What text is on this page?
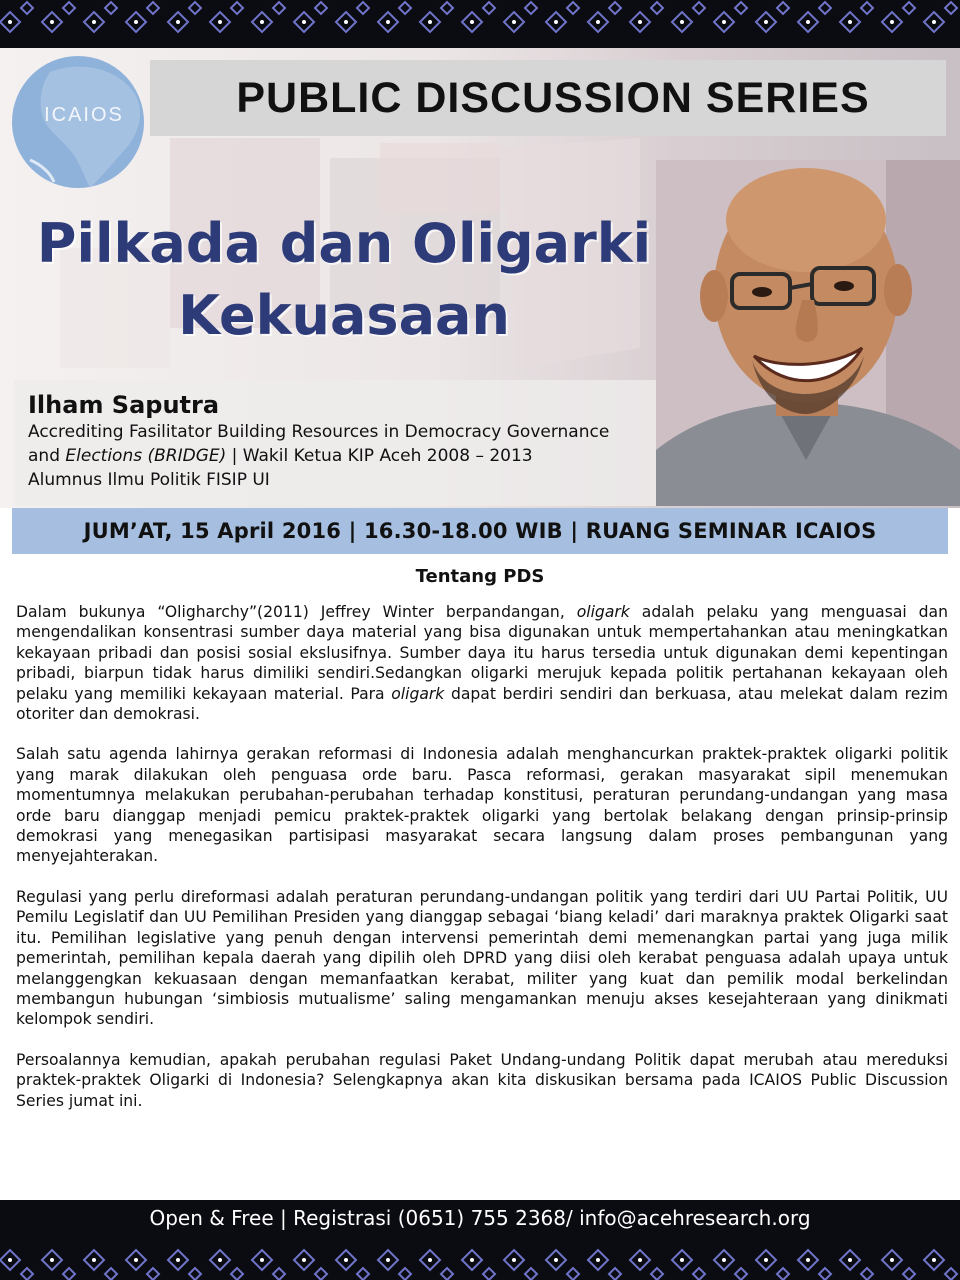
PUBLIC DISCUSSION SERIES
ICAIOS
Pilkada dan Oligarki
Kekuasaan
Ilham Saputra
Accrediting Fasilitator Building Resources in Democracy Governance
and Elections (BRIDGE) | Wakil Ketua KIP Aceh 2008 – 2013
Alumnus Ilmu Politik FISIP UI
JUM’AT, 15 April 2016 | 16.30-18.00 WIB | RUANG SEMINAR ICAIOS
Tentang PDS

Dalam bukunya “Oligharchy”(2011) Jeffrey Winter berpandangan, oligark adalah pelaku yang menguasai dan mengendalikan konsentrasi sumber daya material yang bisa digunakan untuk mempertahankan atau meningkatkan kekayaan pribadi dan posisi sosial ekslusifnya. Sumber daya itu harus tersedia untuk digunakan demi kepentingan pribadi, biarpun tidak harus dimiliki sendiri.Sedangkan oligarki merujuk kepada politik pertahanan kekayaan oleh pelaku yang memiliki kekayaan material. Para oligark dapat berdiri sendiri dan berkuasa, atau melekat dalam rezim otoriter dan demokrasi.

Salah satu agenda lahirnya gerakan reformasi di Indonesia adalah menghancurkan praktek-praktek oligarki politik yang marak dilakukan oleh penguasa orde baru. Pasca reformasi, gerakan masyarakat sipil menemukan momentumnya melakukan perubahan-perubahan terhadap konstitusi, peraturan perundang-undangan yang masa orde baru dianggap menjadi pemicu praktek-praktek oligarki yang bertolak belakang dengan prinsip-prinsip demokrasi yang menegasikan partisipasi masyarakat secara langsung dalam proses pembangunan yang menyejahterakan.

Regulasi yang perlu direformasi adalah peraturan perundang-undangan politik yang terdiri dari UU Partai Politik, UU Pemilu Legislatif dan UU Pemilihan Presiden yang dianggap sebagai ‘biang keladi’ dari maraknya praktek Oligarki saat itu. Pemilihan legislative yang penuh dengan intervensi pemerintah demi memenangkan partai yang juga milik pemerintah, pemilihan kepala daerah yang dipilih oleh DPRD yang diisi oleh kerabat penguasa adalah upaya untuk melanggengkan kekuasaan dengan memanfaatkan kerabat, militer yang kuat dan pemilik modal berkelindan membangun hubungan ‘simbiosis mutualisme’ saling mengamankan menuju akses kesejahteraan yang dinikmati kelompok sendiri.

Persoalannya kemudian, apakah perubahan regulasi Paket Undang-undang Politik dapat merubah atau mereduksi praktek-praktek Oligarki di Indonesia? Selengkapnya akan kita diskusikan bersama pada ICAIOS Public Discussion Series jumat ini.

Open & Free | Registrasi (0651) 755 2368/ info@acehresearch.org
